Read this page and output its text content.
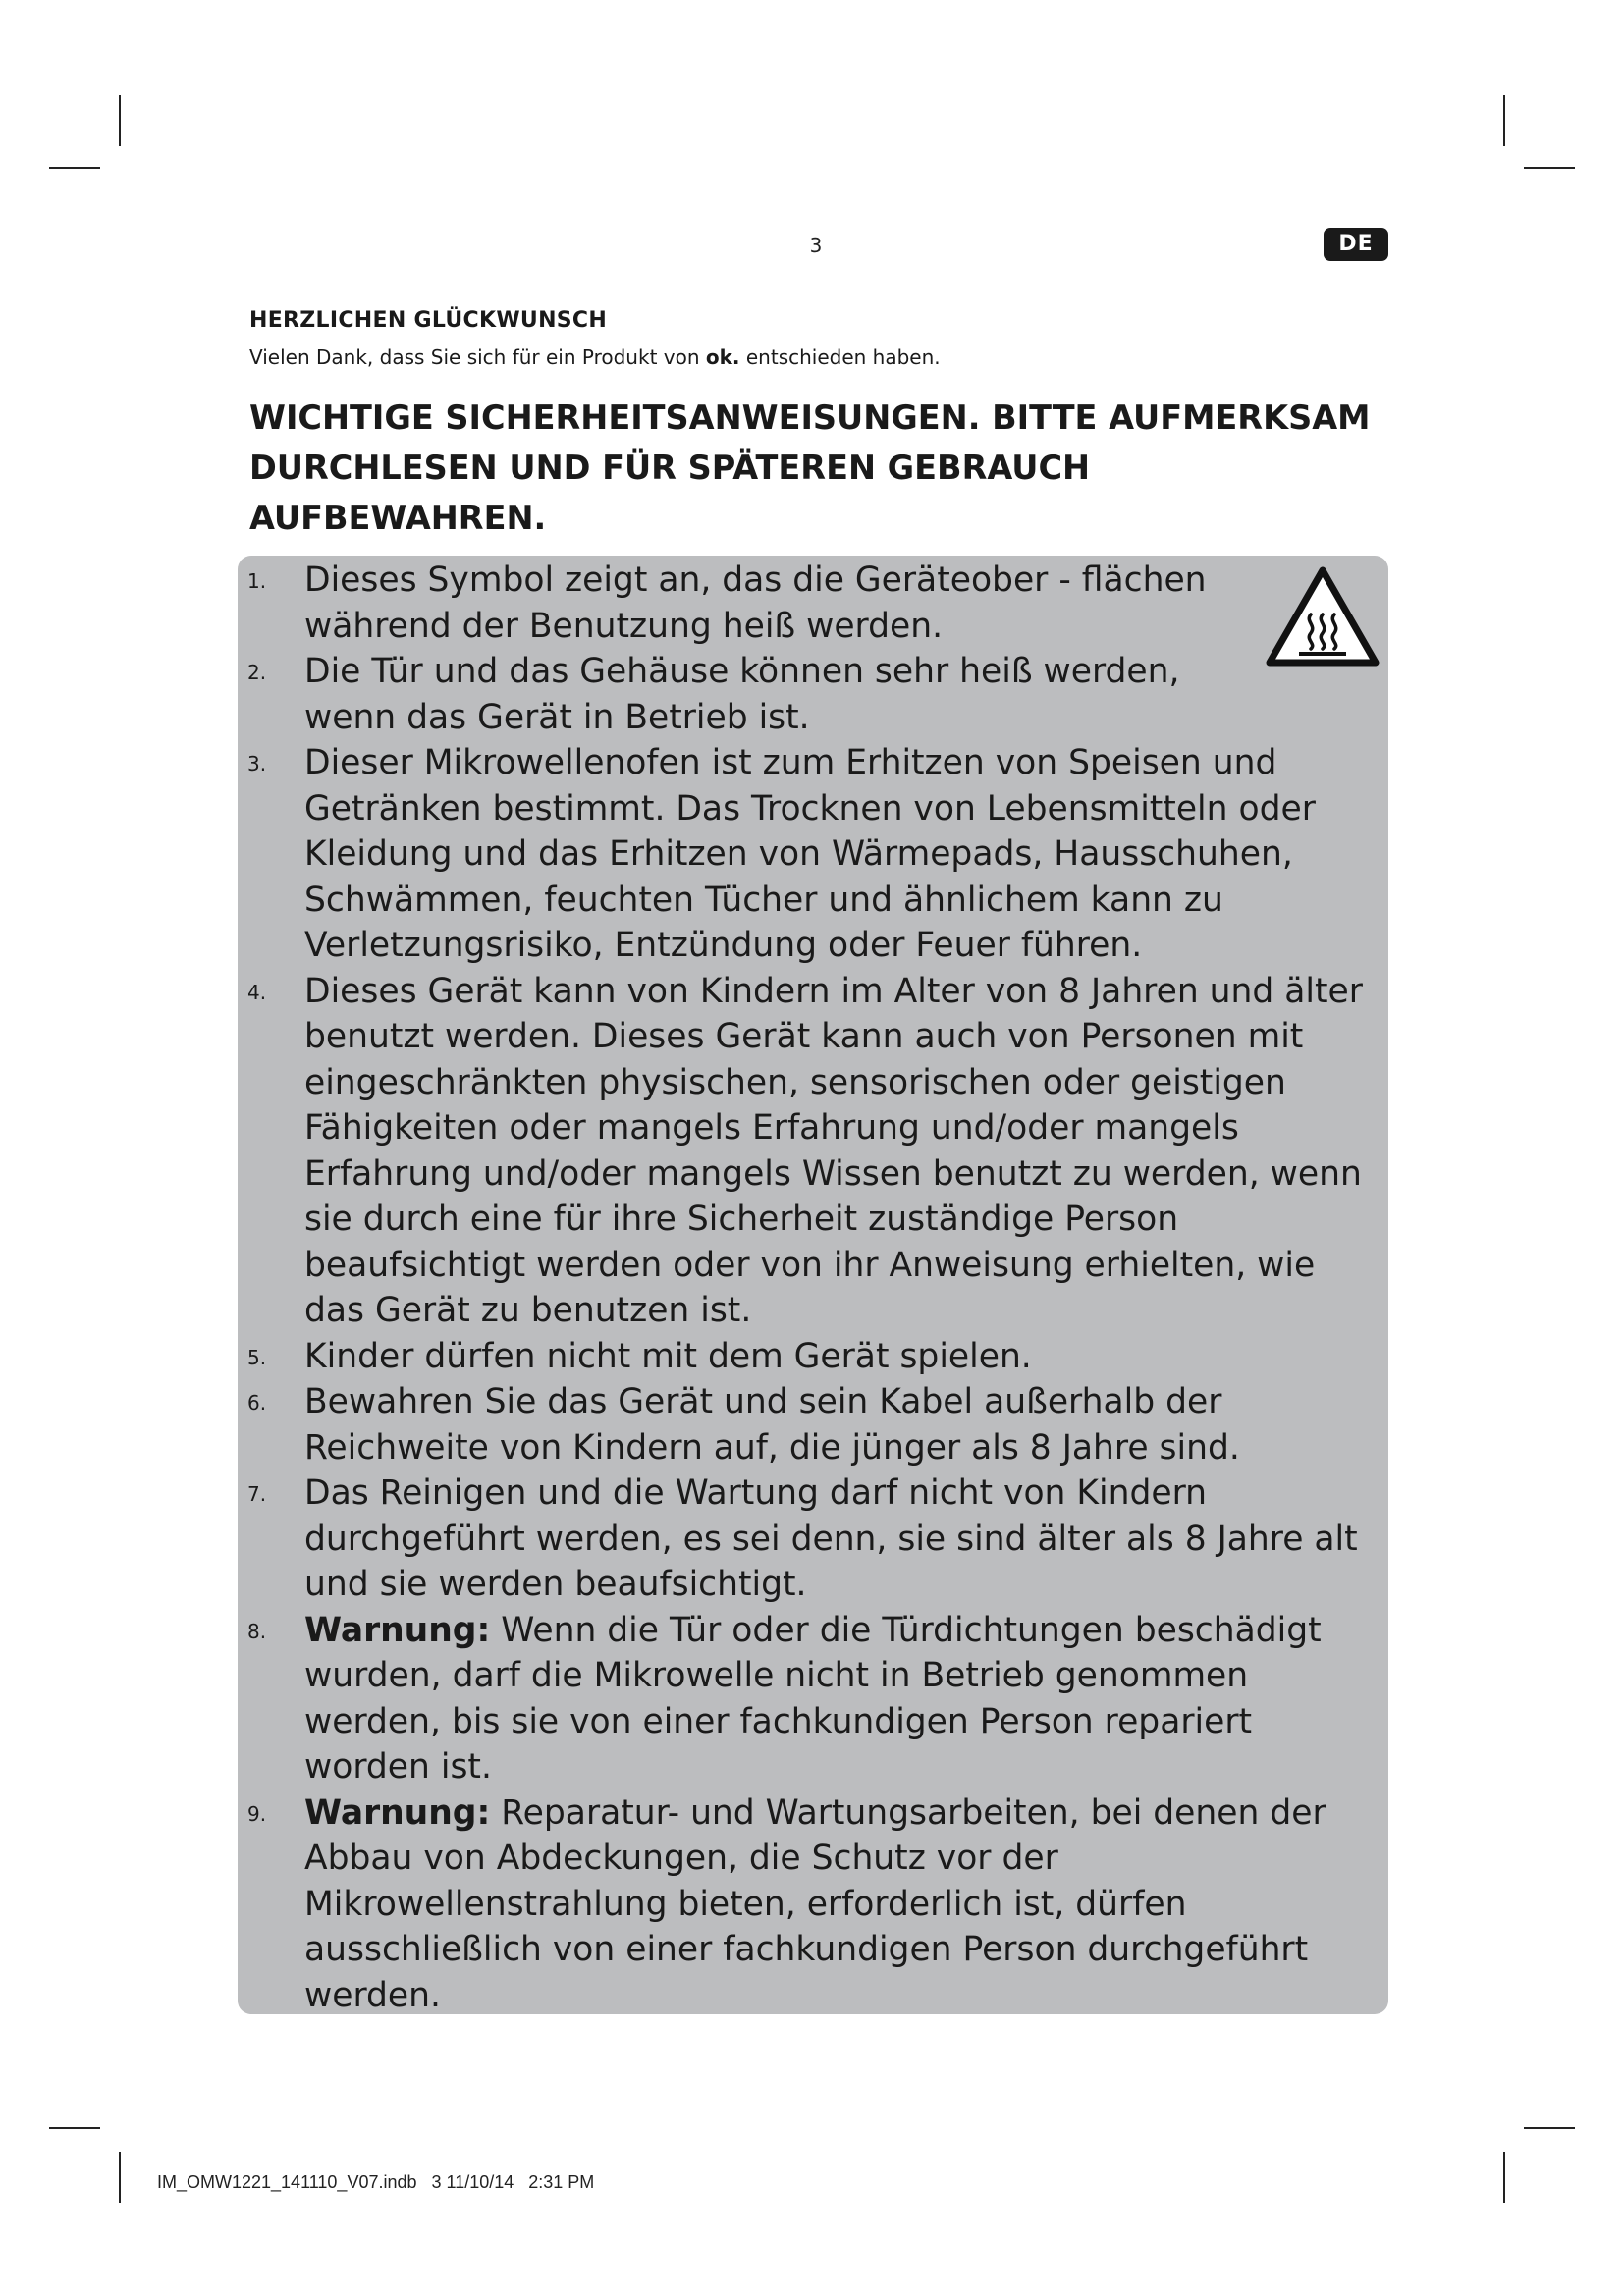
3	DE
HERZLICHEN GLÜCKWUNSCH
Vielen Dank, dass Sie sich für ein Produkt von ok. entschieden haben.
WICHTIGE SICHERHEITSANWEISUNGEN. BITTE AUFMERKSAM DURCHLESEN UND FÜR SPÄTEREN GEBRAUCH AUFBEWAHREN.
1. Dieses Symbol zeigt an, das die Geräteober - flächen während der Benutzung heiß werden.
2. Die Tür und das Gehäuse können sehr heiß werden, wenn das Gerät in Betrieb ist.
3. Dieser Mikrowellenofen ist zum Erhitzen von Speisen und Getränken bestimmt. Das Trocknen von Lebensmitteln oder Kleidung und das Erhitzen von Wärmepads, Hausschuhen, Schwämmen, feuchten Tücher und ähnlichem kann zu Verletzungsrisiko, Entzündung oder Feuer führen.
4. Dieses Gerät kann von Kindern im Alter von 8 Jahren und älter benutzt werden. Dieses Gerät kann auch von Personen mit eingeschränkten physischen, sensorischen oder geistigen Fähigkeiten oder mangels Erfahrung und/oder mangels Erfahrung und/oder mangels Wissen benutzt zu werden, wenn sie durch eine für ihre Sicherheit zuständige Person beaufsichtigt werden oder von ihr Anweisung erhielten, wie das Gerät zu benutzen ist.
5. Kinder dürfen nicht mit dem Gerät spielen.
6. Bewahren Sie das Gerät und sein Kabel außerhalb der Reichweite von Kindern auf, die jünger als 8 Jahre sind.
7. Das Reinigen und die Wartung darf nicht von Kindern durchgeführt werden, es sei denn, sie sind älter als 8 Jahre alt und sie werden beaufsichtigt.
8. Warnung: Wenn die Tür oder die Türdichtungen beschädigt wurden, darf die Mikrowelle nicht in Betrieb genommen werden, bis sie von einer fachkundigen Person repariert worden ist.
9. Warnung: Reparatur- und Wartungsarbeiten, bei denen der Abbau von Abdeckungen, die Schutz vor der Mikrowellenstrahlung bieten, erforderlich ist, dürfen ausschließlich von einer fachkundigen Person durchgeführt werden.
IM_OMW1221_141110_V07.indb   3 11/10/14   2:31 PM
